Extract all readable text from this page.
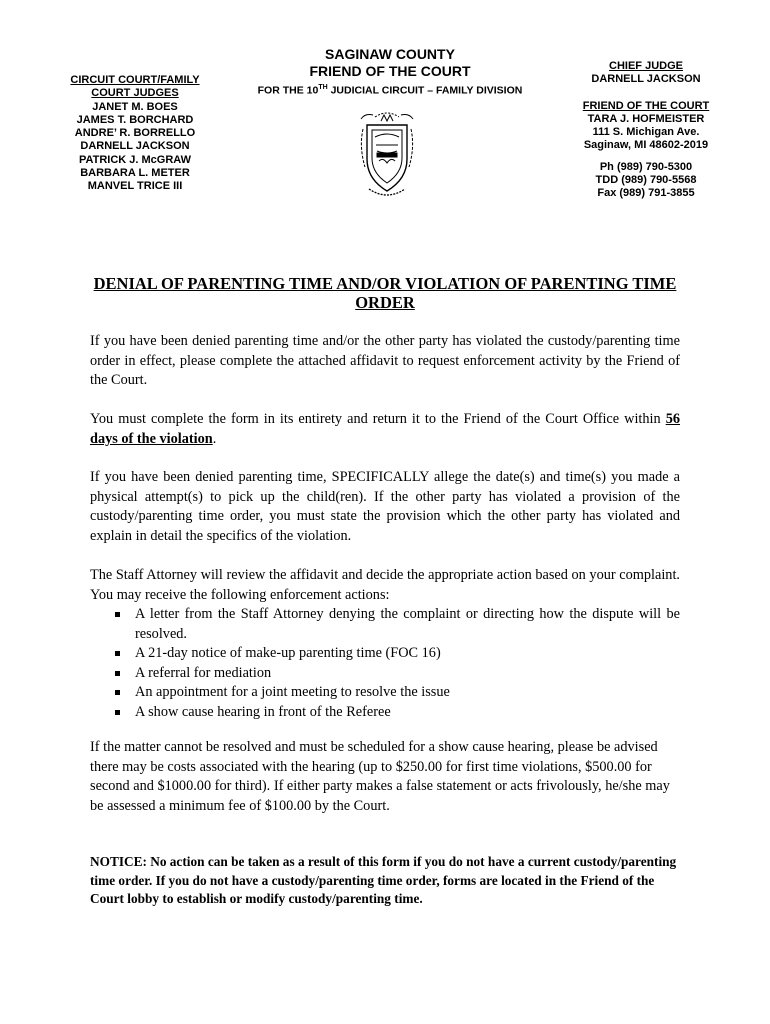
CIRCUIT COURT/FAMILY
COURT JUDGES
JANET M. BOES
JAMES T. BORCHARD
ANDRE’ R. BORRELLO
DARNELL JACKSON
PATRICK J. McGRAW
BARBARA L. METER
MANVEL TRICE III
SAGINAW COUNTY
FRIEND OF THE COURT
FOR THE 10TH JUDICIAL CIRCUIT – FAMILY DIVISION
CHIEF JUDGE
DARNELL JACKSON
FRIEND OF THE COURT
TARA J. HOFMEISTER
111 S. Michigan Ave.
Saginaw, MI 48602-2019
Ph (989) 790-5300
TDD (989) 790-5568
Fax (989) 791-3855
DENIAL OF PARENTING TIME AND/OR VIOLATION OF PARENTING TIME ORDER

If you have been denied parenting time and/or the other party has violated the custody/parenting time order in effect, please complete the attached affidavit to request enforcement activity by the Friend of the Court.

You must complete the form in its entirety and return it to the Friend of the Court Office within 56 days of the violation.

If you have been denied parenting time, SPECIFICALLY allege the date(s) and time(s) you made a physical attempt(s) to pick up the child(ren). If the other party has violated a provision of the custody/parenting time order, you must state the provision which the other party has violated and explain in detail the specifics of the violation.

The Staff Attorney will review the affidavit and decide the appropriate action based on your complaint. You may receive the following enforcement actions:

A letter from the Staff Attorney denying the complaint or directing how the dispute will be resolved.
A 21-day notice of make-up parenting time (FOC 16)
A referral for mediation
An appointment for a joint meeting to resolve the issue
A show cause hearing in front of the Referee

If the matter cannot be resolved and must be scheduled for a show cause hearing, please be advised there may be costs associated with the hearing (up to $250.00 for first time violations, $500.00 for second and $1000.00 for third). If either party makes a false statement or acts frivolously, he/she may be assessed a minimum fee of $100.00 by the Court.

NOTICE: No action can be taken as a result of this form if you do not have a current custody/parenting time order. If you do not have a custody/parenting time order, forms are located in the Friend of the Court lobby to establish or modify custody/parenting time.
